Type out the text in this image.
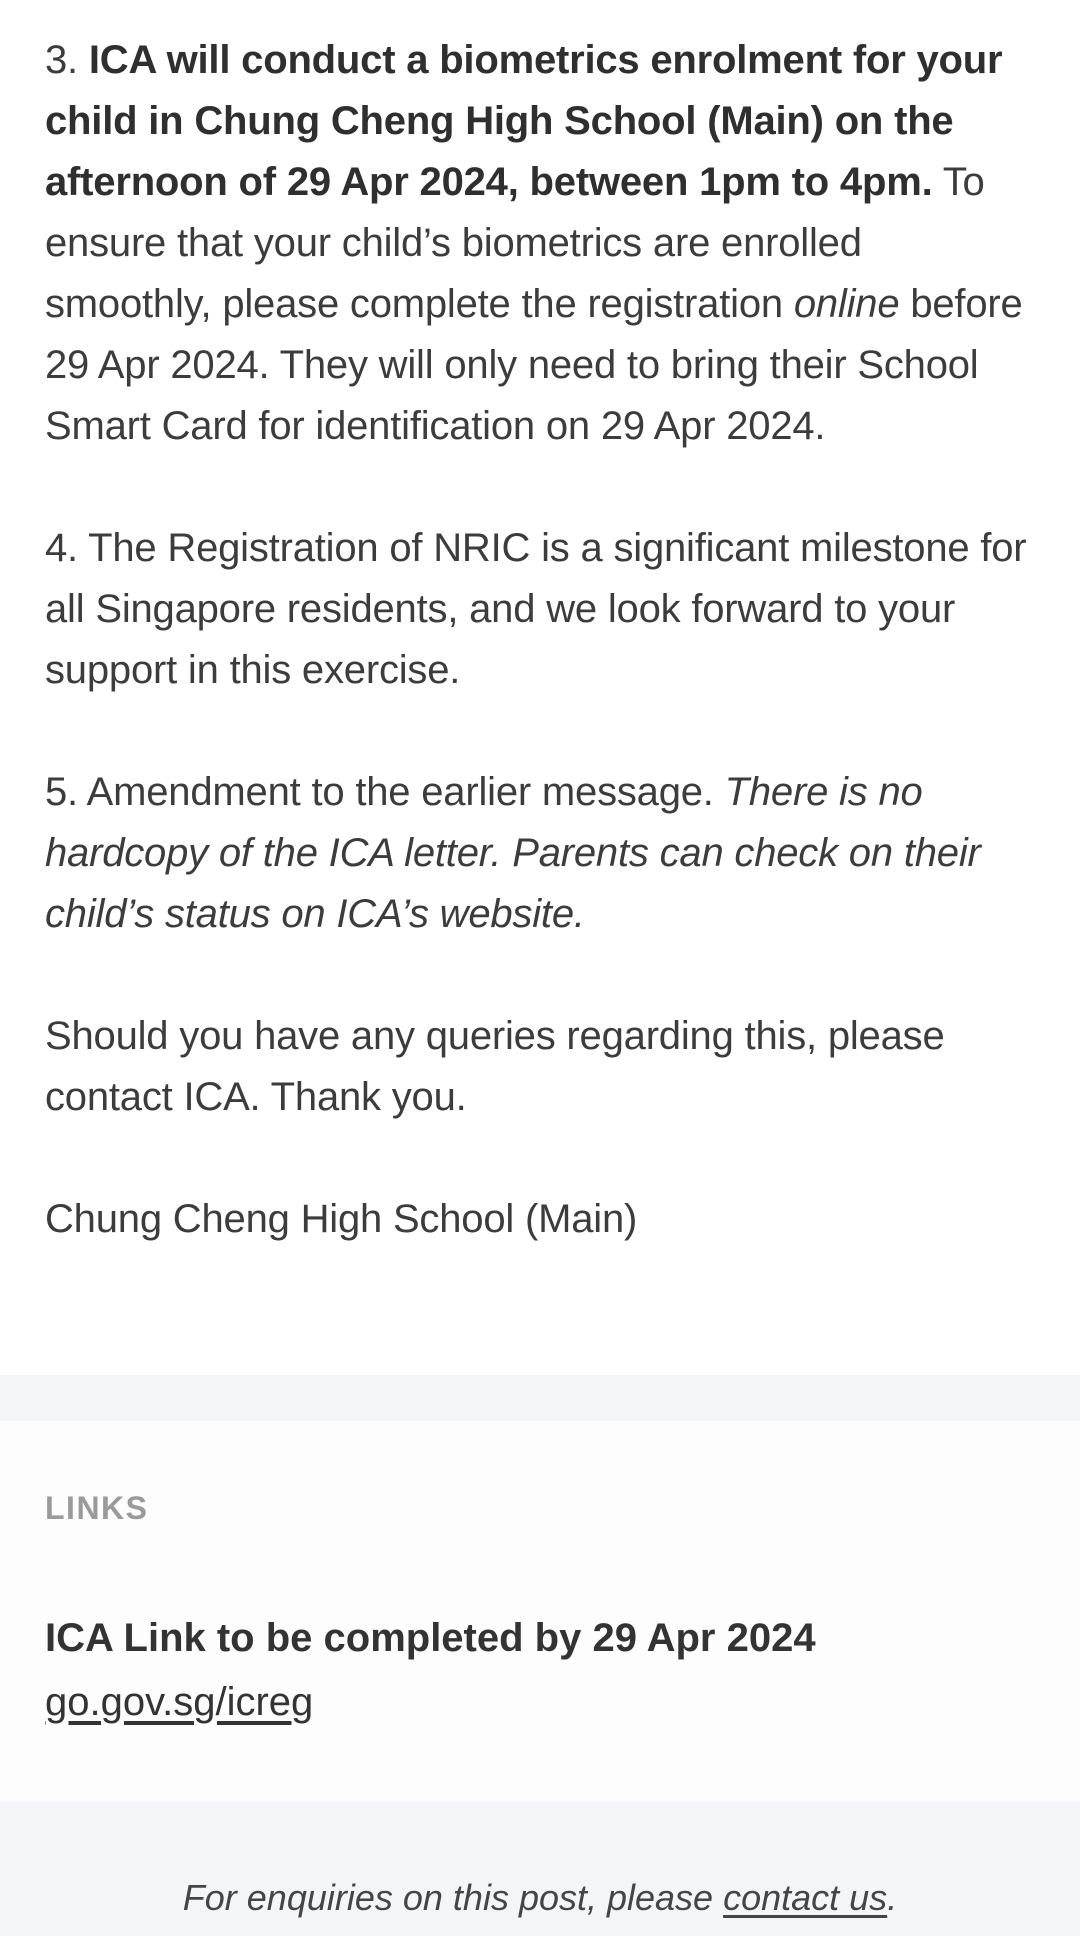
3. ICA will conduct a biometrics enrolment for your child in Chung Cheng High School (Main) on the afternoon of 29 Apr 2024, between 1pm to 4pm. To ensure that your child’s biometrics are enrolled smoothly, please complete the registration online before 29 Apr 2024. They will only need to bring their School Smart Card for identification on 29 Apr 2024.

4. The Registration of NRIC is a significant milestone for all Singapore residents, and we look forward to your support in this exercise.

5. Amendment to the earlier message. There is no hardcopy of the ICA letter. Parents can check on their child’s status on ICA’s website.

Should you have any queries regarding this, please contact ICA. Thank you.

Chung Cheng High School (Main)

LINKS
ICA Link to be completed by 29 Apr 2024
go.gov.sg/icreg
For enquiries on this post, please contact us.
